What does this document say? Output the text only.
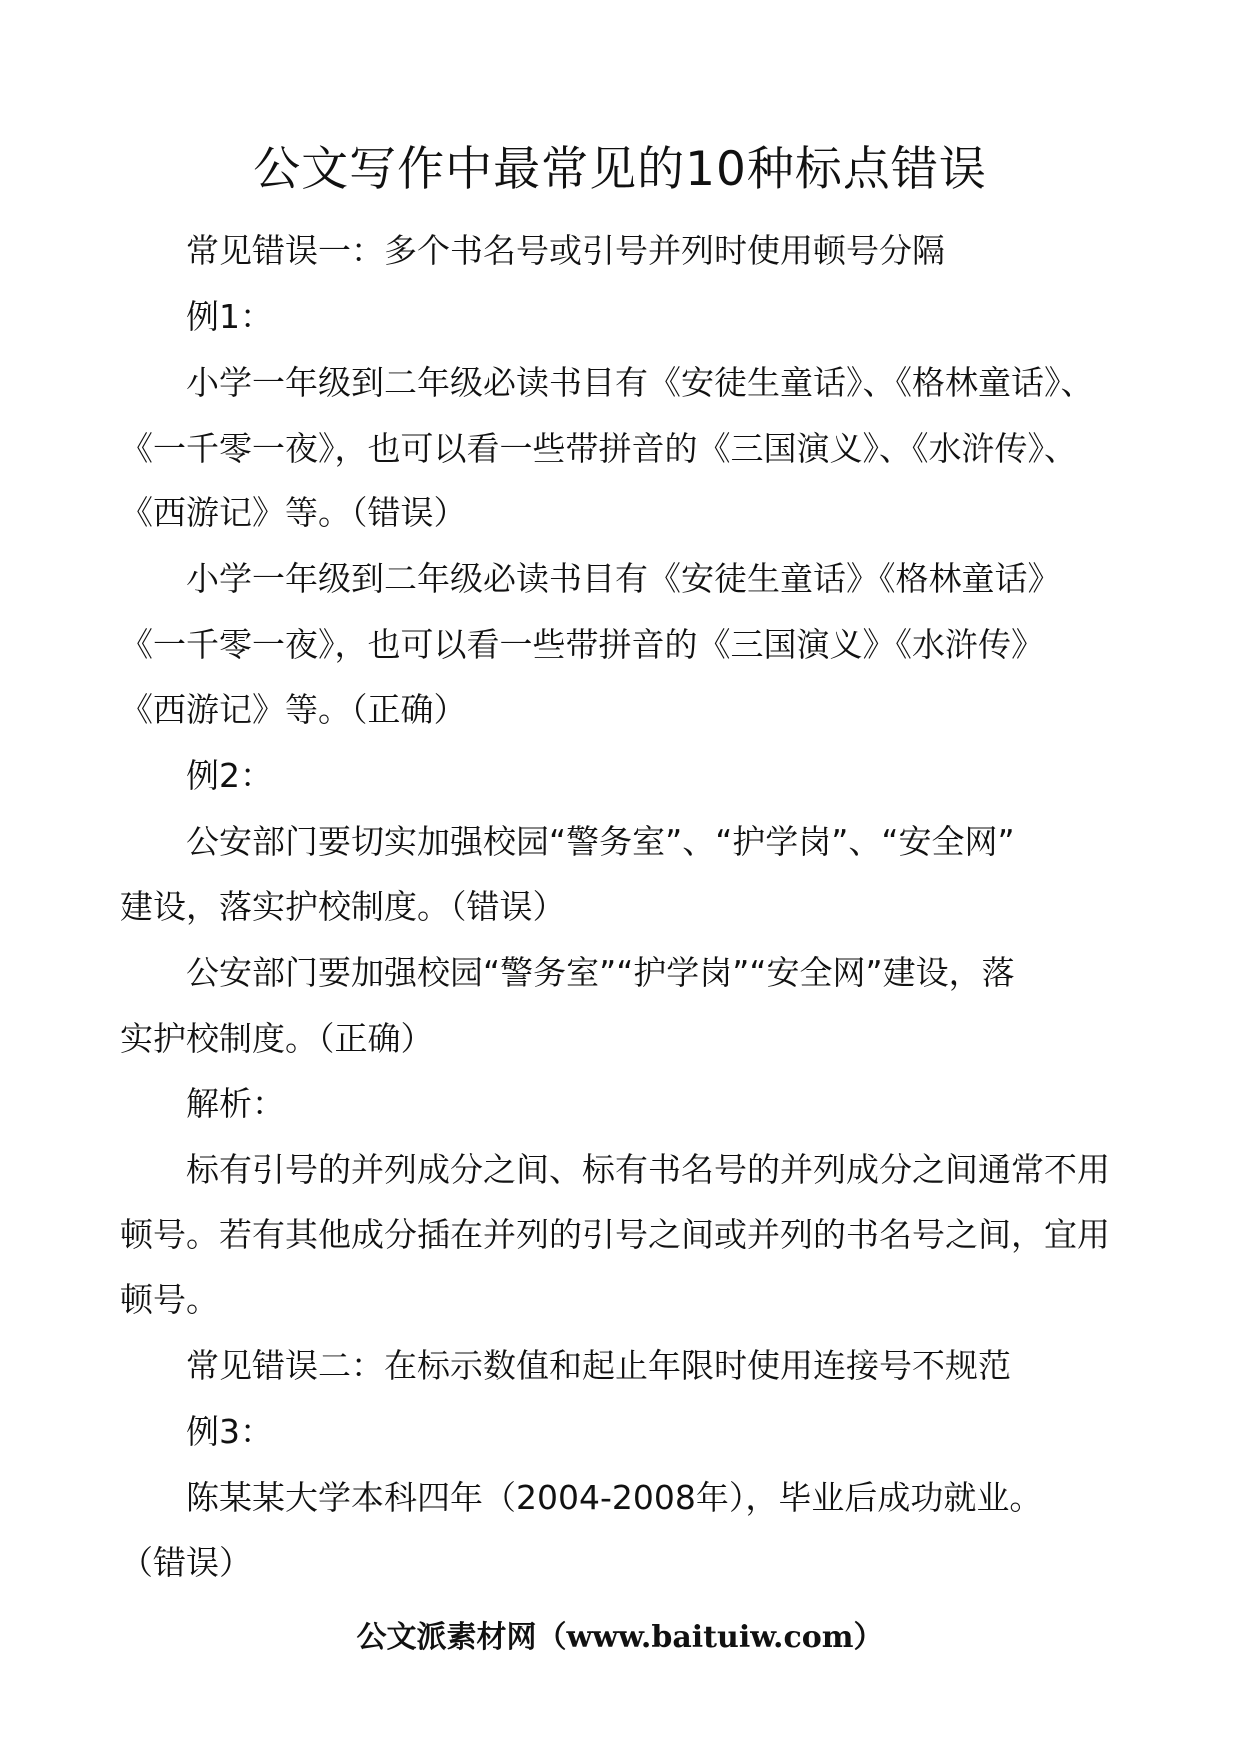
公文写作中最常见的10种标点错误
常见错误一：多个书名号或引号并列时使用顿号分隔
例1：
小学一年级到二年级必读书目有《安徒生童话》、《格林童话》、
《一千零一夜》，也可以看一些带拼音的《三国演义》、《水浒传》、
《西游记》等。（错误）
小学一年级到二年级必读书目有《安徒生童话》《格林童话》
《一千零一夜》，也可以看一些带拼音的《三国演义》《水浒传》
《西游记》等。（正确）
例2：
公安部门要切实加强校园“警务室”、“护学岗”、“安全网”
建设，落实护校制度。（错误）
公安部门要加强校园“警务室”“护学岗”“安全网”建设，落
实护校制度。（正确）
解析：
标有引号的并列成分之间、标有书名号的并列成分之间通常不用
顿号。若有其他成分插在并列的引号之间或并列的书名号之间，宜用
顿号。
常见错误二：在标示数值和起止年限时使用连接号不规范
例3：
陈某某大学本科四年（2004-2008年），毕业后成功就业。
（错误）
公文派素材网（www.baituiw.com）
